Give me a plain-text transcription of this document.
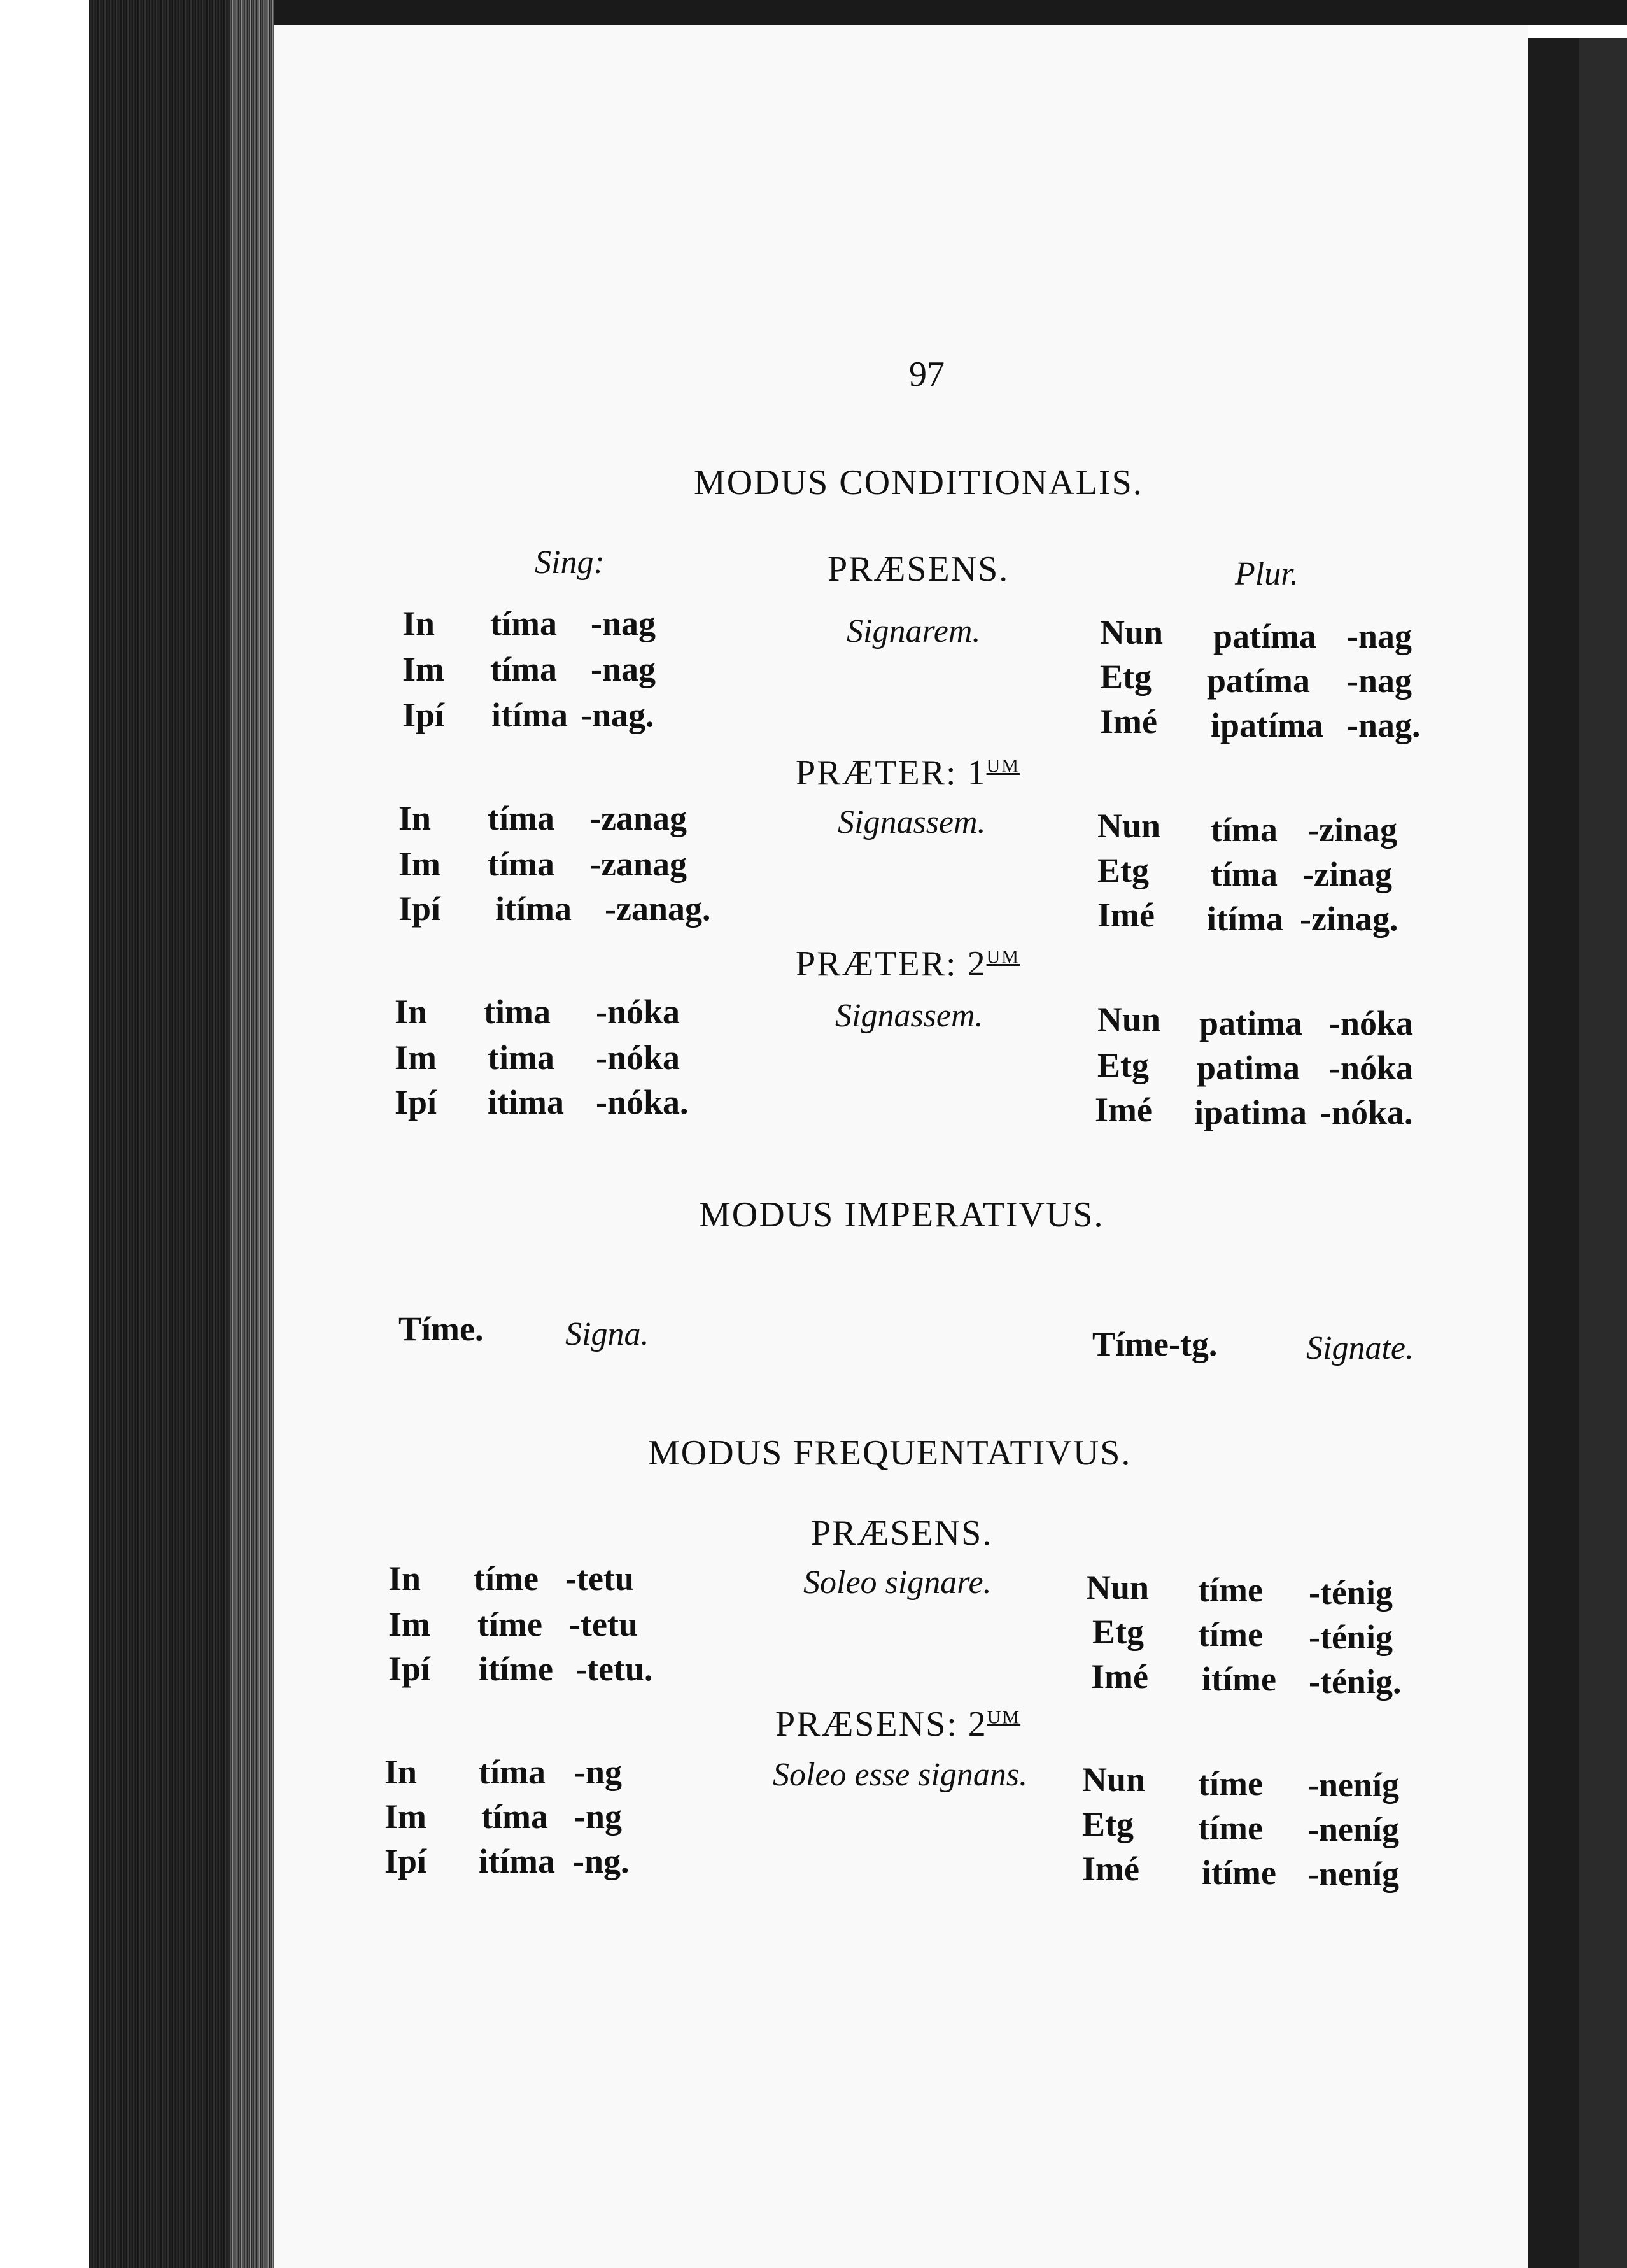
97
MODUS CONDITIONALIS.
Sing:	PRÆSENS.	Plur.
Signarem.
In tíma -nag
Im tíma -nag
Ipí itíma -nag.
Nun patíma -nag
Etg patíma -nag
Imé ipatíma -nag.
PRÆTER: $1^{UM}$
Signassem.
In tíma -zanag
Im tíma -zanag
Ipí itíma -zanag.
Nun tíma -zinag
Etg tíma -zinag
Imé itíma -zinag.
PRÆTER: $2^{UM}$
Signassem.
In tima -nóka
Im tima -nóka
Ipí itima -nóka.
Nun patima -nóka
Etg patima -nóka
Imé ipatima -nóka.
MODUS IMPERATIVUS.
Tíme. Signa.	Tíme-tg.	Signate.
MODUS FREQUENTATIVUS.
PRÆSENS.
Soleo signare.
In tíme -tetu
Im tíme -tetu
Ipí itíme -tetu.
Nun tíme -ténig
Etg tíme -ténig
Imé itíme -ténig.
PRÆSENS: $2^{UM}$
Soleo esse signans.
In tíma -ng
Im tíma -ng
Ipí itíma -ng.
Nun tíme -neníg
Etg tíme -neníg
Imé itíme -neníg
